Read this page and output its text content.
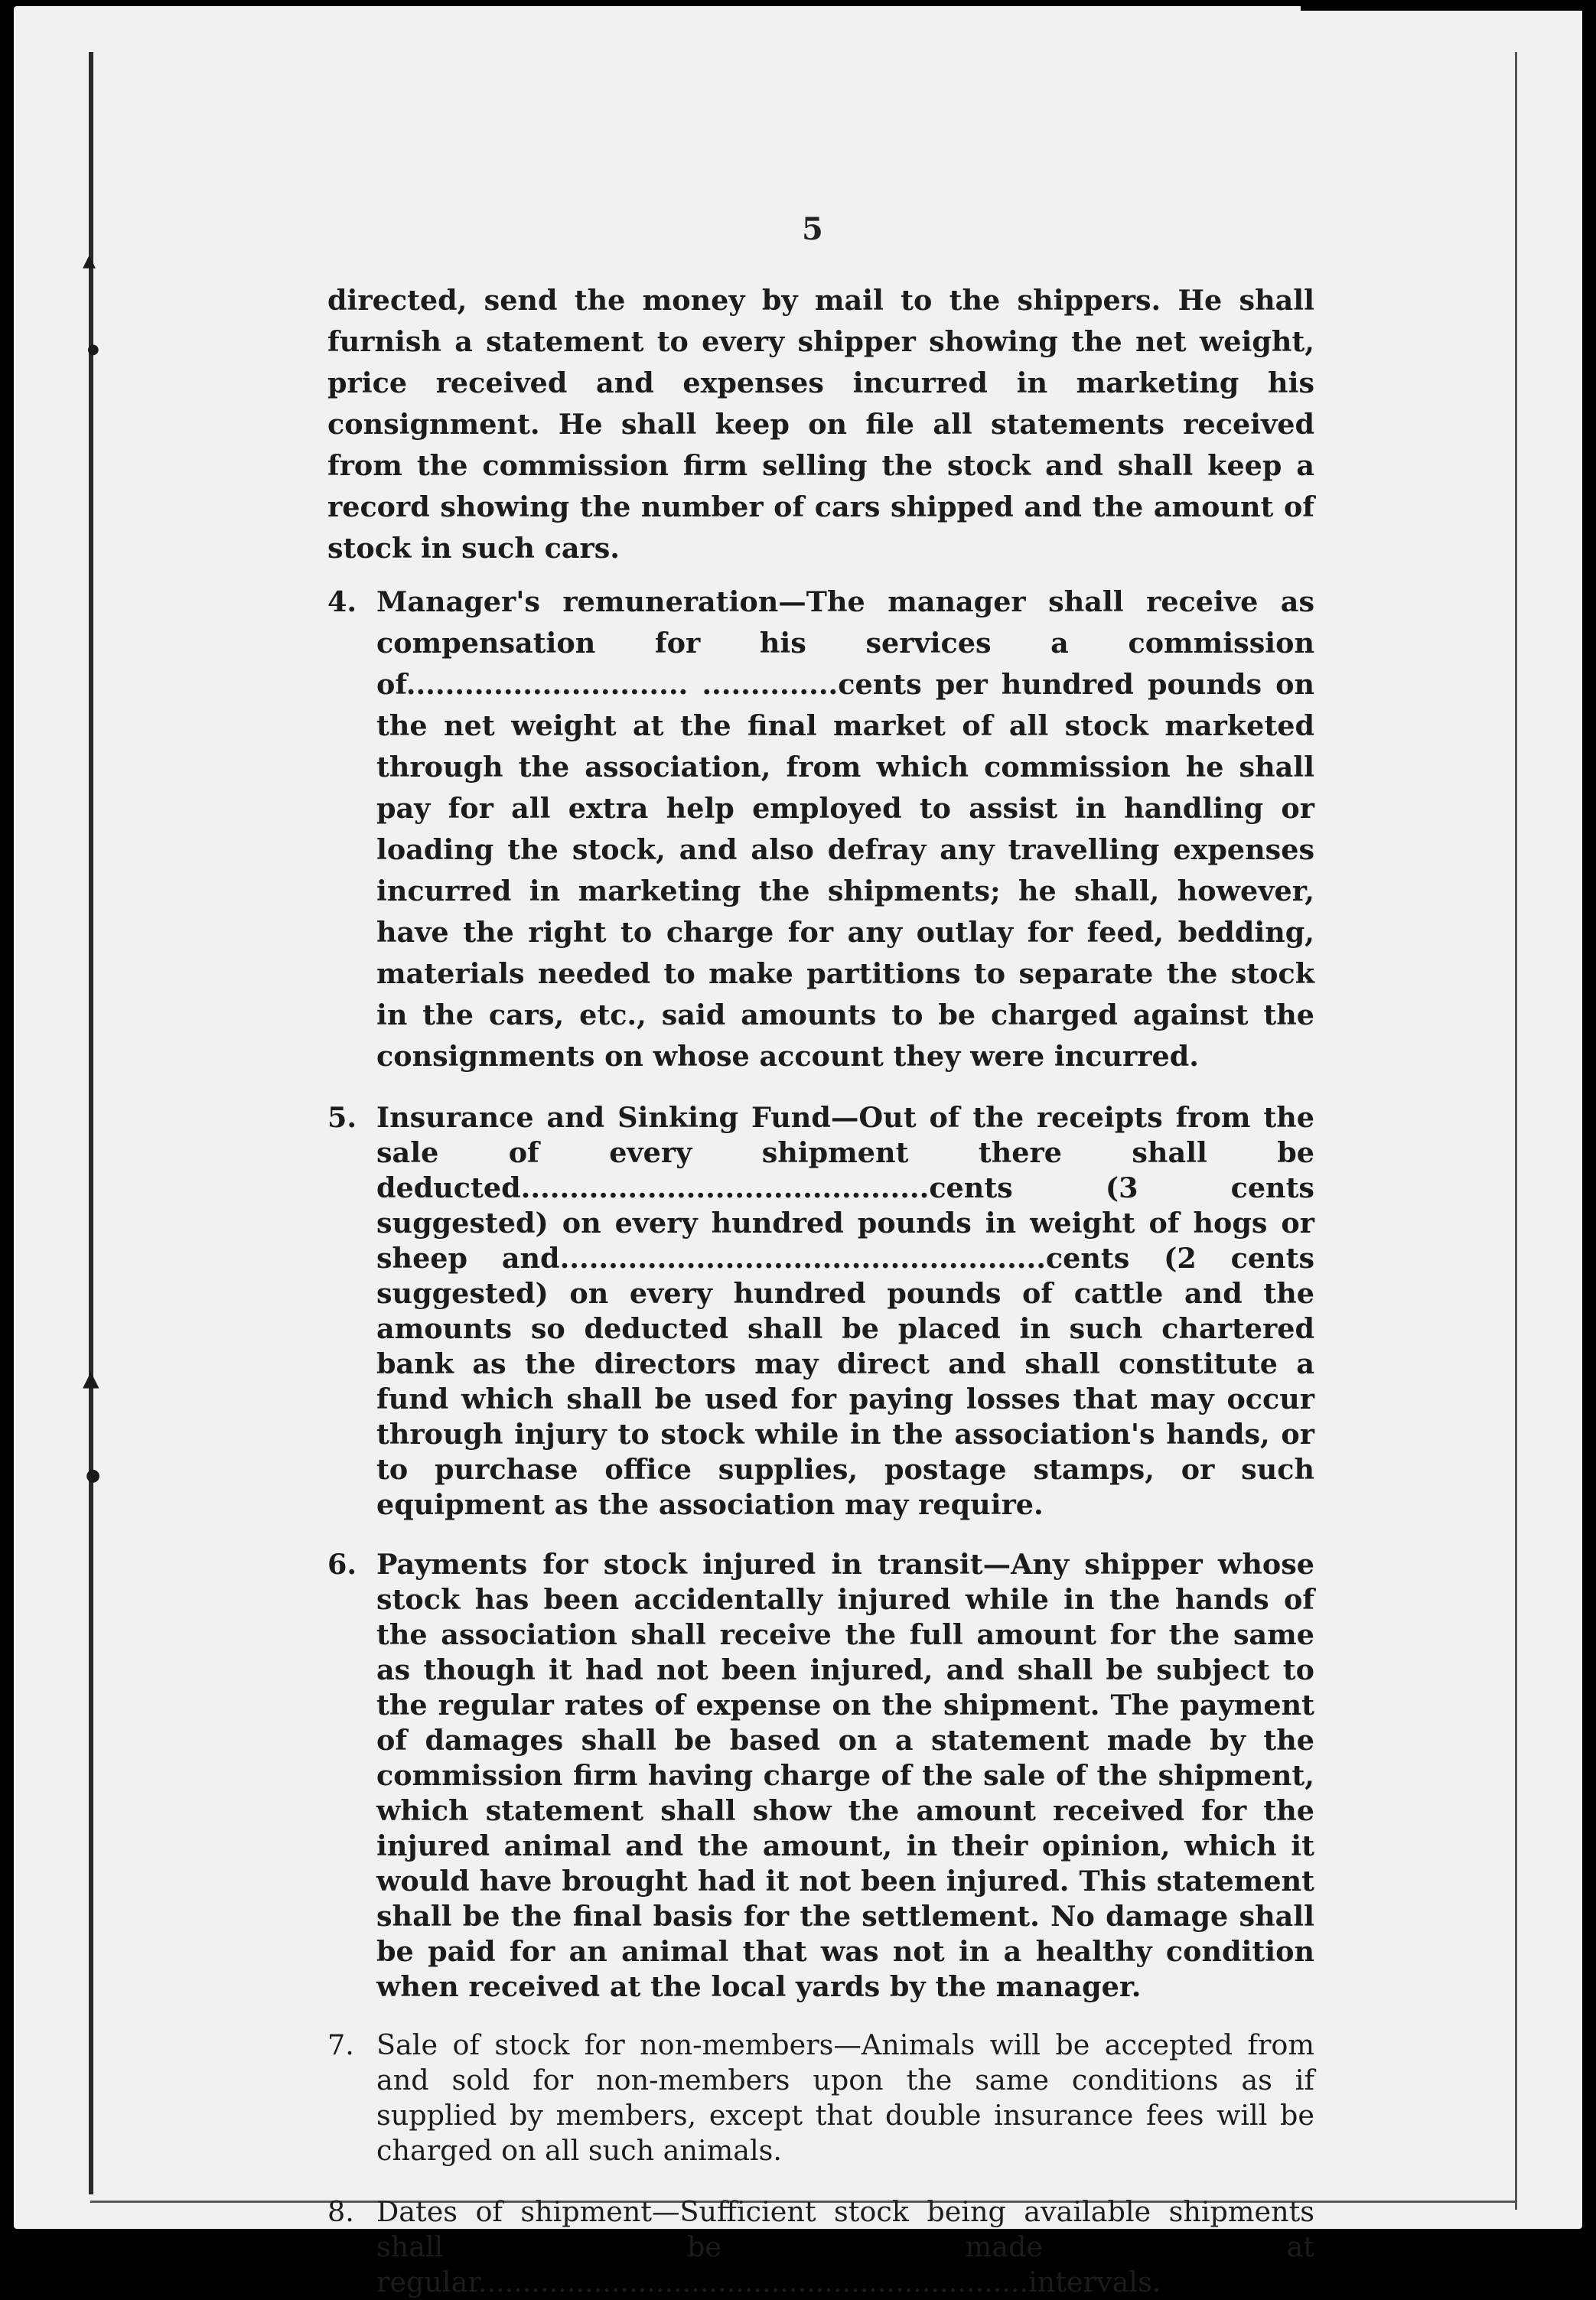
▴
●
▲
●
5

directed, send the money by mail to the shippers. He shall furnish a statement to every shipper showing the net weight, price received and expenses incurred in marketing his consignment. He shall keep on file all statements received from the commission firm selling the stock and shall keep a record showing the number of cars shipped and the amount of stock in such cars.

4. Manager's remuneration—The manager shall receive as compensation for his services a commission of............................. ..............cents per hundred pounds on the net weight at the final market of all stock marketed through the association, from which commission he shall pay for all extra help employed to assist in handling or loading the stock, and also defray any travelling expenses incurred in marketing the shipments; he shall, however, have the right to charge for any outlay for feed, bedding, materials needed to make partitions to separate the stock in the cars, etc., said amounts to be charged against the consignments on whose account they were incurred.

5. Insurance and Sinking Fund—Out of the receipts from the sale of every shipment there shall be deducted..........................................cents (3 cents suggested) on every hundred pounds in weight of hogs or sheep and..................................................cents (2 cents suggested) on every hundred pounds of cattle and the amounts so deducted shall be placed in such chartered bank as the directors may direct and shall constitute a fund which shall be used for paying losses that may occur through injury to stock while in the association's hands, or to purchase office supplies, postage stamps, or such equipment as the association may require.

6. Payments for stock injured in transit—Any shipper whose stock has been accidentally injured while in the hands of the association shall receive the full amount for the same as though it had not been injured, and shall be subject to the regular rates of expense on the shipment. The payment of damages shall be based on a statement made by the commission firm having charge of the sale of the shipment, which statement shall show the amount received for the injured animal and the amount, in their opinion, which it would have brought had it not been injured. This statement shall be the final basis for the settlement. No damage shall be paid for an animal that was not in a healthy condition when received at the local yards by the manager.

7. Sale of stock for non-members—Animals will be accepted from and sold for non-members upon the same conditions as if supplied by members, except that double insurance fees will be charged on all such animals.

8. Dates of shipment—Sufficient stock being available shipments shall be made at regular..............................................................intervals.
